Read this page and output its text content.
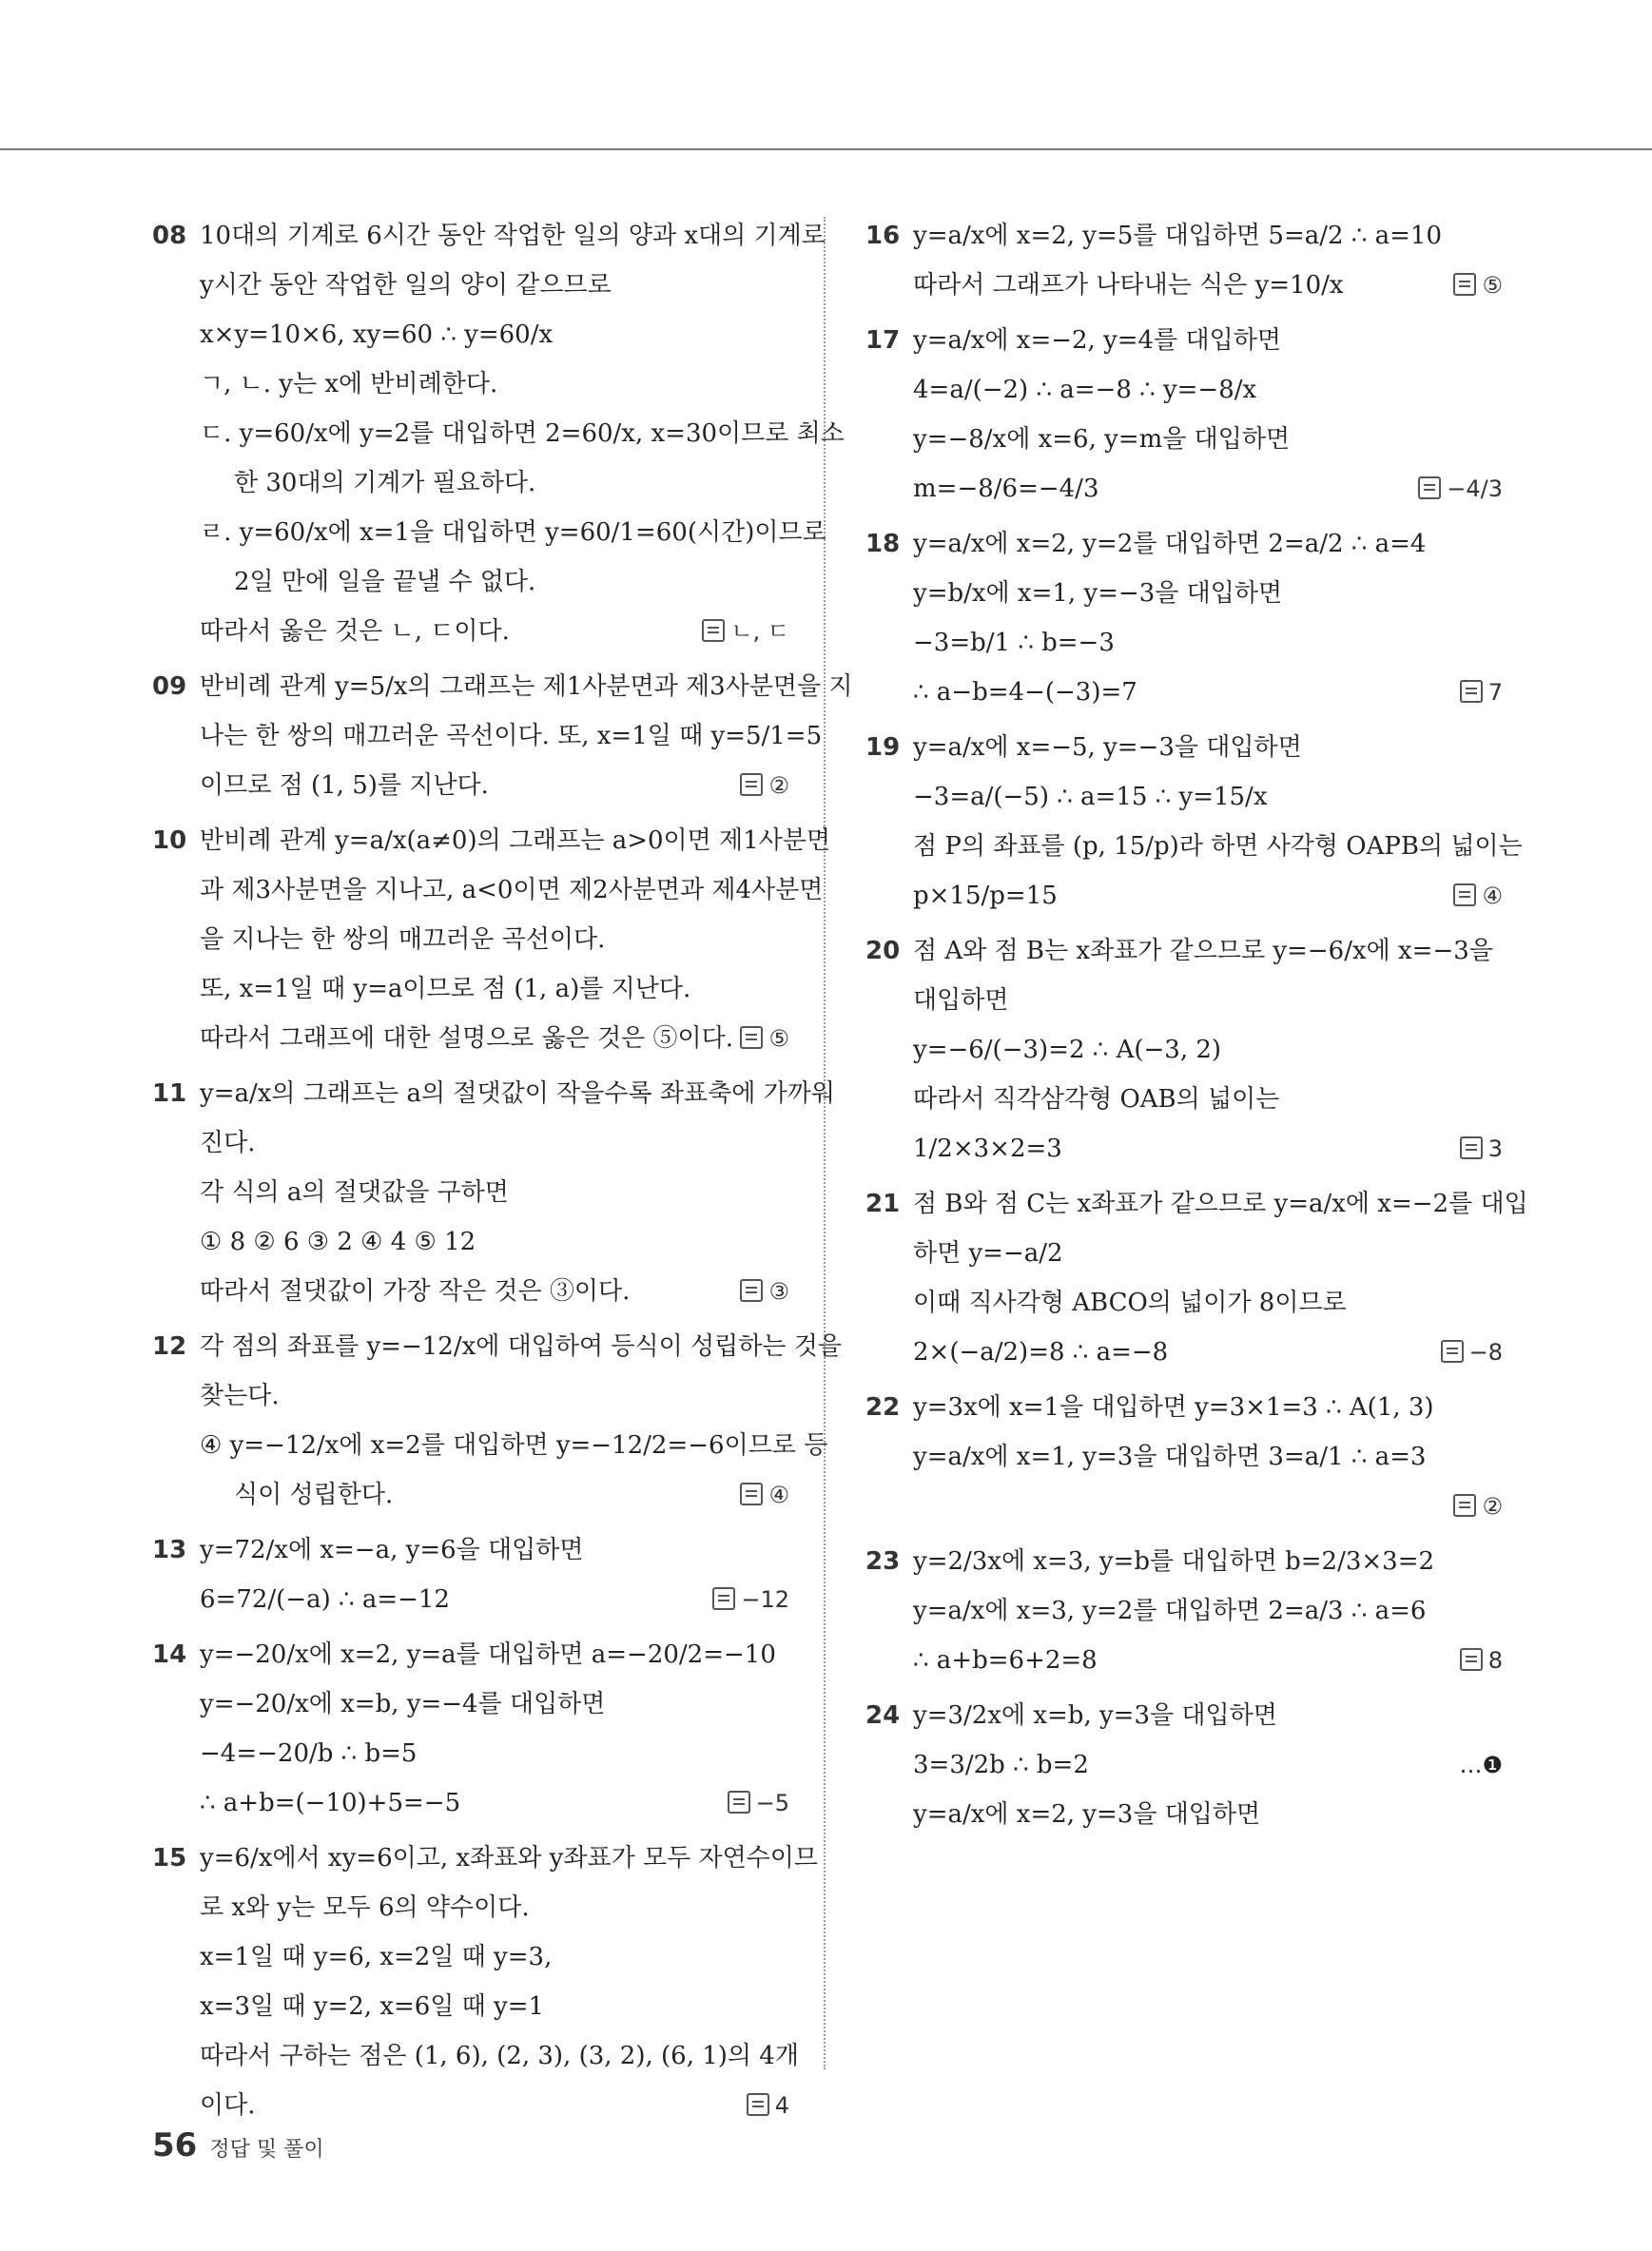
08 10대의 기계로 6시간 동안 작업한 일의 양과 x대의 기계로
y시간 동안 작업한 일의 양이 같으므로
x×y=10×6, xy=60 ∴ y=60/x
ㄱ, ㄴ. y는 x에 반비례한다.
ㄷ. y=60/x에 y=2를 대입하면 2=60/x, x=30이므로 최소
한 30대의 기계가 필요하다.
ㄹ. y=60/x에 x=1을 대입하면 y=60/1=60(시간)이므로
2일 만에 일을 끝낼 수 없다.
ㄴ, ㄷ
따라서 옳은 것은 ㄴ, ㄷ이다.
09 반비례 관계 y=5/x의 그래프는 제1사분면과 제3사분면을 지
나는 한 쌍의 매끄러운 곡선이다. 또, x=1일 때 y=5/1=5
②
이므로 점 (1, 5)를 지난다.
10 반비례 관계 y=a/x(a≠0)의 그래프는 a>0이면 제1사분면
과 제3사분면을 지나고, a<0이면 제2사분면과 제4사분면
을 지나는 한 쌍의 매끄러운 곡선이다.
또, x=1일 때 y=a이므로 점 (1, a)를 지난다.
⑤
따라서 그래프에 대한 설명으로 옳은 것은 ⑤이다.
11 y=a/x의 그래프는 a의 절댓값이 작을수록 좌표축에 가까워
진다.
각 식의 a의 절댓값을 구하면
① 8 ② 6 ③ 2 ④ 4 ⑤ 12
③
따라서 절댓값이 가장 작은 것은 ③이다.
12 각 점의 좌표를 y=−12/x에 대입하여 등식이 성립하는 것을
찾는다.
④ y=−12/x에 x=2를 대입하면 y=−12/2=−6이므로 등
④
식이 성립한다.
13 y=72/x에 x=−a, y=6을 대입하면
−12
6=72/(−a) ∴ a=−12
14 y=−20/x에 x=2, y=a를 대입하면 a=−20/2=−10
y=−20/x에 x=b, y=−4를 대입하면
−4=−20/b ∴ b=5
−5
∴ a+b=(−10)+5=−5
15 y=6/x에서 xy=6이고, x좌표와 y좌표가 모두 자연수이므
로 x와 y는 모두 6의 약수이다.
x=1일 때 y=6, x=2일 때 y=3,
x=3일 때 y=2, x=6일 때 y=1
따라서 구하는 점은 (1, 6), (2, 3), (3, 2), (6, 1)의 4개
4
이다.
16 y=a/x에 x=2, y=5를 대입하면 5=a/2 ∴ a=10
⑤
따라서 그래프가 나타내는 식은 y=10/x
17 y=a/x에 x=−2, y=4를 대입하면
4=a/(−2) ∴ a=−8 ∴ y=−8/x
y=−8/x에 x=6, y=m을 대입하면
−4/3
m=−8/6=−4/3
18 y=a/x에 x=2, y=2를 대입하면 2=a/2 ∴ a=4
y=b/x에 x=1, y=−3을 대입하면
−3=b/1 ∴ b=−3
7
∴ a−b=4−(−3)=7
19 y=a/x에 x=−5, y=−3을 대입하면
−3=a/(−5) ∴ a=15 ∴ y=15/x
점 P의 좌표를 (p, 15/p)라 하면 사각형 OAPB의 넓이는
④
p×15/p=15
20 점 A와 점 B는 x좌표가 같으므로 y=−6/x에 x=−3을
대입하면
y=−6/(−3)=2 ∴ A(−3, 2)
따라서 직각삼각형 OAB의 넓이는
3
1/2×3×2=3
21 점 B와 점 C는 x좌표가 같으므로 y=a/x에 x=−2를 대입
하면 y=−a/2
이때 직사각형 ABCO의 넓이가 8이므로
−8
2×(−a/2)=8 ∴ a=−8
22 y=3x에 x=1을 대입하면 y=3×1=3 ∴ A(1, 3)
y=a/x에 x=1, y=3을 대입하면 3=a/1 ∴ a=3
②
23 y=2/3x에 x=3, y=b를 대입하면 b=2/3×3=2
y=a/x에 x=3, y=2를 대입하면 2=a/3 ∴ a=6
8
∴ a+b=6+2=8
24 y=3/2x에 x=b, y=3을 대입하면
…❶
3=3/2b ∴ b=2
y=a/x에 x=2, y=3을 대입하면
56 정답 및 풀이
